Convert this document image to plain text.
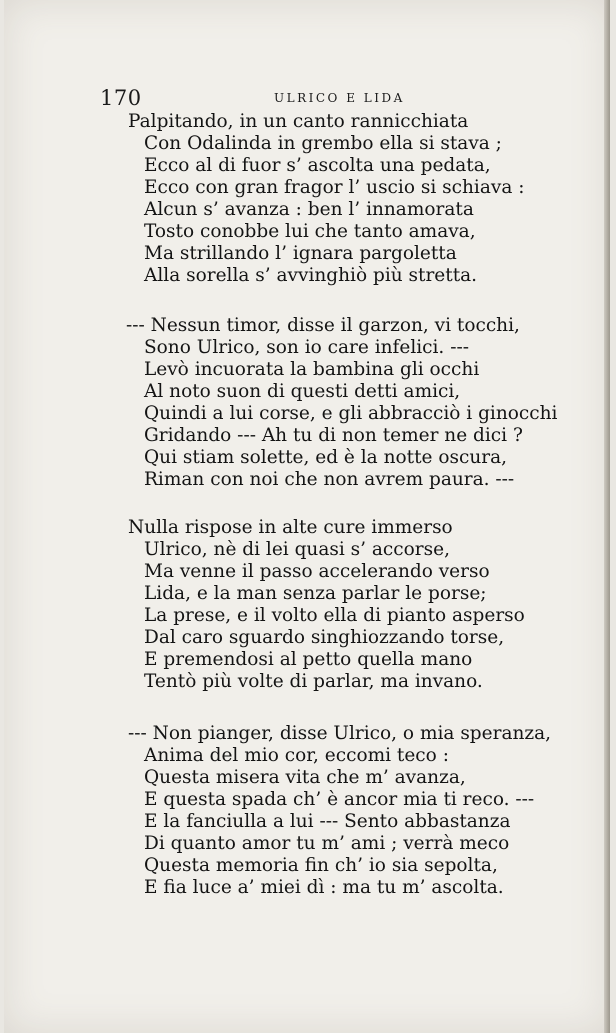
170	ULRICO E LIDA
Palpitando, in un canto rannicchiata
Con Odalinda in grembo ella si stava ;
Ecco al di fuor s’ ascolta una pedata,
Ecco con gran fragor l’ uscio si schiava :
Alcun s’ avanza : ben l’ innamorata
Tosto conobbe lui che tanto amava,
Ma strillando l’ ignara pargoletta
Alla sorella s’ avvinghiò più stretta.
--- Nessun timor, disse il garzon, vi tocchi,
Sono Ulrico, son io care infelici. ---
Levò incuorata la bambina gli occhi
Al noto suon di questi detti amici,
Quindi a lui corse, e gli abbracciò i ginocchi
Gridando --- Ah tu di non temer ne dici ?
Qui stiam solette, ed è la notte oscura,
Riman con noi che non avrem paura. ---
Nulla rispose in alte cure immerso
Ulrico, nè di lei quasi s’ accorse,
Ma venne il passo accelerando verso
Lida, e la man senza parlar le porse;
La prese, e il volto ella di pianto asperso
Dal caro sguardo singhiozzando torse,
E premendosi al petto quella mano
Tentò più volte di parlar, ma invano.
--- Non pianger, disse Ulrico, o mia speranza,
Anima del mio cor, eccomi teco :
Questa misera vita che m’ avanza,
E questa spada ch’ è ancor mia ti reco. ---
E la fanciulla a lui --- Sento abbastanza
Di quanto amor tu m’ ami ; verrà meco
Questa memoria fin ch’ io sia sepolta,
E fia luce a’ miei dì : ma tu m’ ascolta.
